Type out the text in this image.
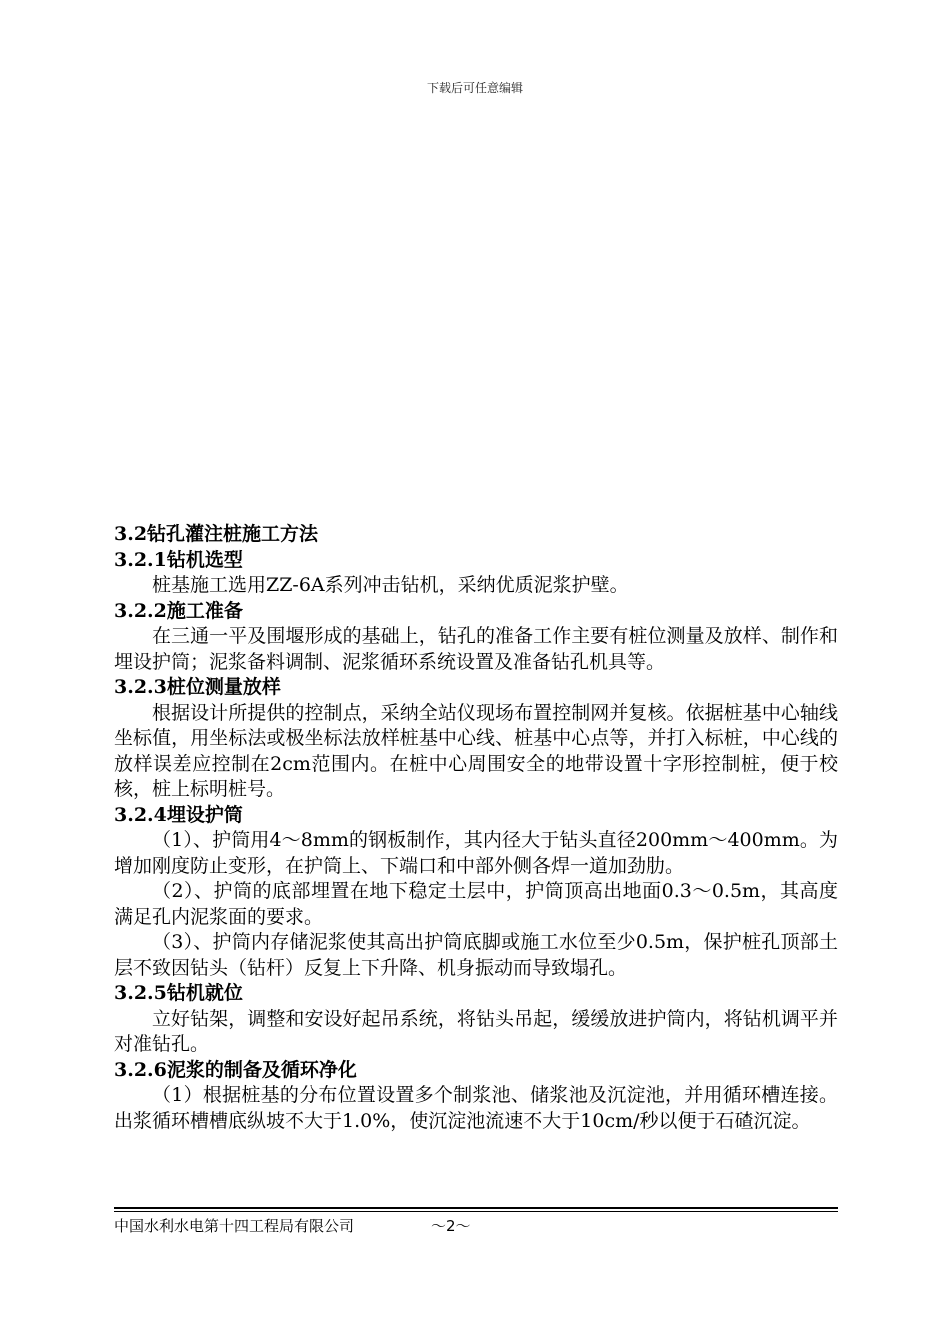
下载后可任意编辑
3.2钻孔灌注桩施工方法
3.2.1钻机选型
桩基施工选用ZZ-6A系列冲击钻机，采纳优质泥浆护壁。
3.2.2施工准备
在三通一平及围堰形成的基础上，钻孔的准备工作主要有桩位测量及放样、制作和埋设护筒；泥浆备料调制、泥浆循环系统设置及准备钻孔机具等。
3.2.3桩位测量放样
根据设计所提供的控制点，采纳全站仪现场布置控制网并复核。依据桩基中心轴线坐标值，用坐标法或极坐标法放样桩基中心线、桩基中心点等，并打入标桩，中心线的放样误差应控制在2cm范围内。在桩中心周围安全的地带设置十字形控制桩，便于校核，桩上标明桩号。
3.2.4埋设护筒
（1）、护筒用4～8mm的钢板制作，其内径大于钻头直径200mm～400mm。为增加刚度防止变形，在护筒上、下端口和中部外侧各焊一道加劲肋。
（2）、护筒的底部埋置在地下稳定土层中，护筒顶高出地面0.3～0.5m，其高度满足孔内泥浆面的要求。
（3）、护筒内存储泥浆使其高出护筒底脚或施工水位至少0.5m，保护桩孔顶部土层不致因钻头（钻杆）反复上下升降、机身振动而导致塌孔。
3.2.5钻机就位
立好钻架，调整和安设好起吊系统，将钻头吊起，缓缓放进护筒内，将钻机调平并对准钻孔。
3.2.6泥浆的制备及循环净化
（1）根据桩基的分布位置设置多个制浆池、储浆池及沉淀池，并用循环槽连接。出浆循环槽槽底纵坡不大于1.0%，使沉淀池流速不大于10cm/秒以便于石碴沉淀。
中国水利水电第十四工程局有限公司	～2～
